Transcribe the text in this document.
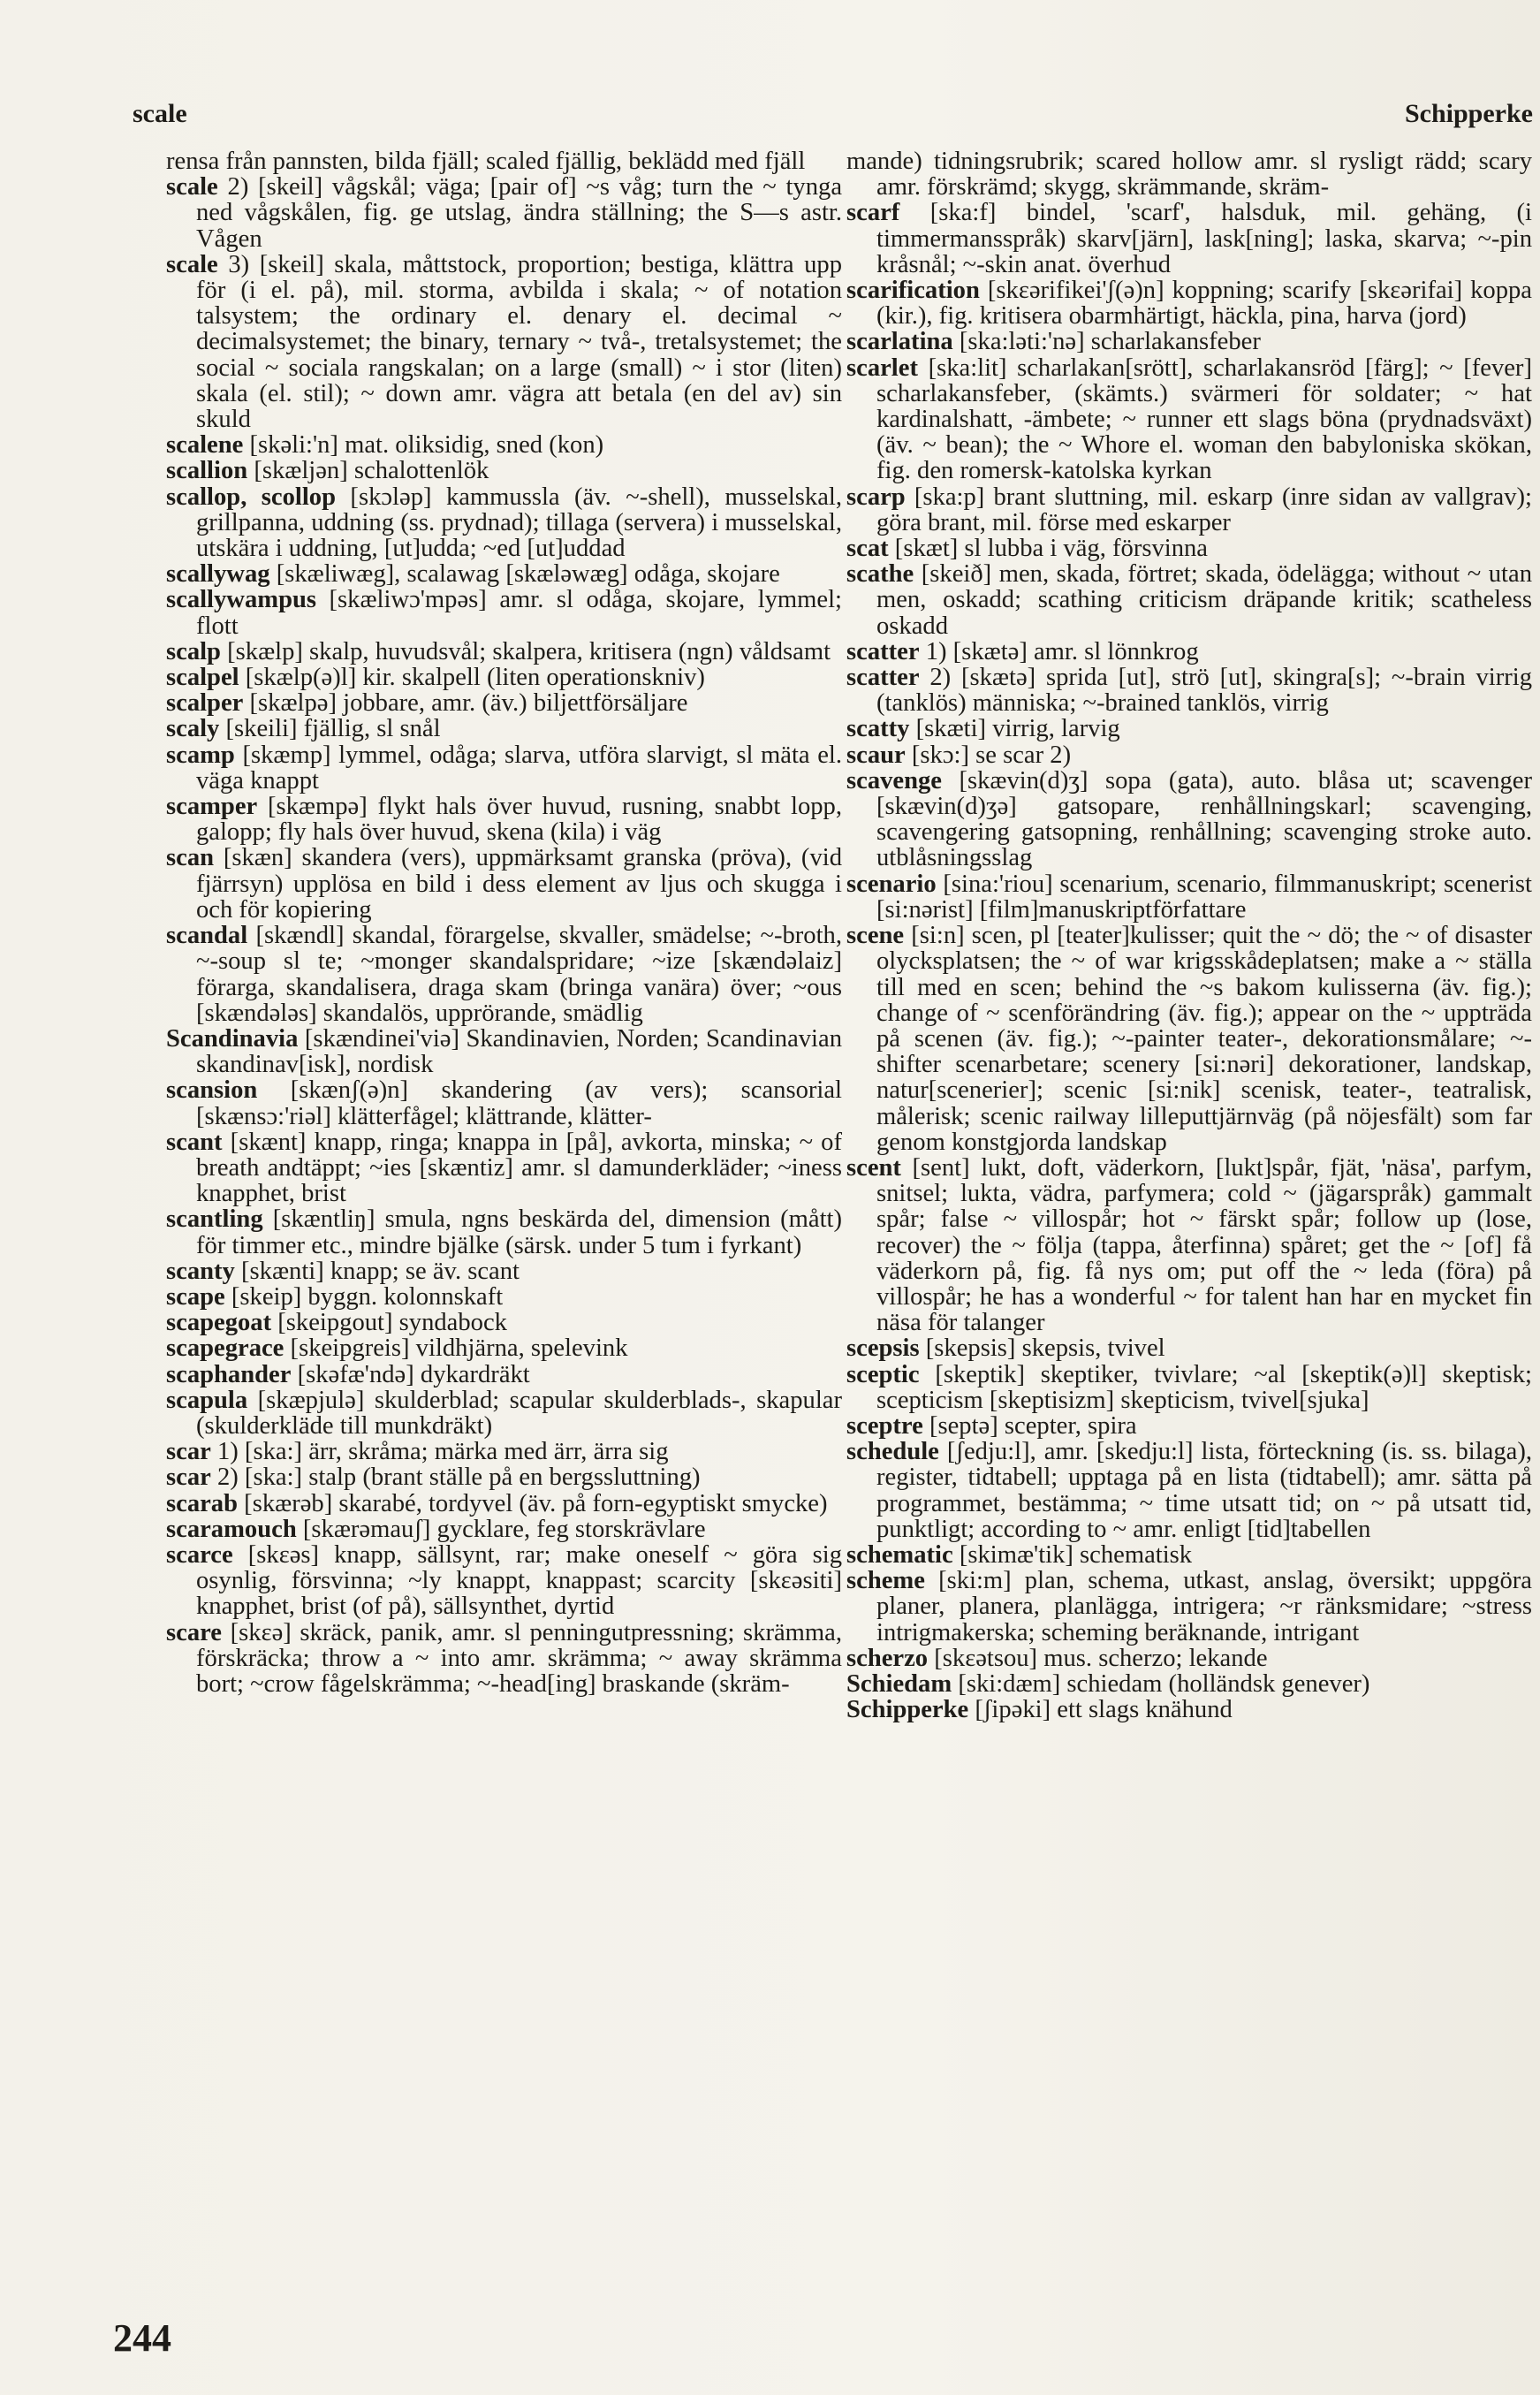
scale	Schipperke

rensa från pannsten, bilda fjäll; scaled fjällig, beklädd med fjäll

scale 2) [skeil] vågskål; väga; [pair of] ~s våg; turn the ~ tynga ned vågskålen, fig. ge utslag, ändra ställning; the S—s astr. Vågen

scale 3) [skeil] skala, måttstock, proportion; bestiga, klättra upp för (i el. på), mil. storma, avbilda i skala; ~ of notation talsystem; the ordinary el. denary el. decimal ~ decimalsystemet; the binary, ternary ~ två-, tretalsystemet; the social ~ sociala rangskalan; on a large (small) ~ i stor (liten) skala (el. stil); ~ down amr. vägra att betala (en del av) sin skuld

scalene [skəli:'n] mat. oliksidig, sned (kon)

scallion [skæljən] schalottenlök

scallop, scollop [skɔləp] kammussla (äv. ~-shell), musselskal, grillpanna, uddning (ss. prydnad); tillaga (servera) i musselskal, utskära i uddning, [ut]udda; ~ed [ut]uddad

scallywag [skæliwæg], scalawag [skæləwæg] odåga, skojare

scallywampus [skæliwɔ'mpəs] amr. sl odåga, skojare, lymmel; flott

scalp [skælp] skalp, huvudsvål; skalpera, kritisera (ngn) våldsamt

scalpel [skælp(ə)l] kir. skalpell (liten operationskniv)

scalper [skælpə] jobbare, amr. (äv.) biljettförsäljare

scaly [skeili] fjällig, sl snål

scamp [skæmp] lymmel, odåga; slarva, utföra slarvigt, sl mäta el. väga knappt

scamper [skæmpə] flykt hals över huvud, rusning, snabbt lopp, galopp; fly hals över huvud, skena (kila) i väg

scan [skæn] skandera (vers), uppmärksamt granska (pröva), (vid fjärrsyn) upplösa en bild i dess element av ljus och skugga i och för kopiering

scandal [skændl] skandal, förargelse, skvaller, smädelse; ~-broth, ~-soup sl te; ~monger skandalspridare; ~ize [skændəlaiz] förarga, skandalisera, draga skam (bringa vanära) över; ~ous [skændələs] skandalös, upprörande, smädlig

Scandinavia [skændinei'viə] Skandinavien, Norden; Scandinavian skandinav[isk], nordisk

scansion [skænʃ(ə)n] skandering (av vers); scansorial [skænsɔ:'riəl] klätterfågel; klättrande, klätter-

scant [skænt] knapp, ringa; knappa in [på], avkorta, minska; ~ of breath andtäppt; ~ies [skæntiz] amr. sl damunderkläder; ~iness knapphet, brist

scantling [skæntliŋ] smula, ngns beskärda del, dimension (mått) för timmer etc., mindre bjälke (särsk. under 5 tum i fyrkant)

scanty [skænti] knapp; se äv. scant

scape [skeip] byggn. kolonnskaft

scapegoat [skeipgout] syndabock

scapegrace [skeipgreis] vildhjärna, spelevink

scaphander [skəfæ'ndə] dykardräkt

scapula [skæpjulə] skulderblad; scapular skulderblads-, skapular (skulderkläde till munkdräkt)

scar 1) [ska:] ärr, skråma; märka med ärr, ärra sig

scar 2) [ska:] stalp (brant ställe på en bergssluttning)

scarab [skærəb] skarabé, tordyvel (äv. på forn-egyptiskt smycke)

scaramouch [skærəmauʃ] gycklare, feg storskrävlare

scarce [skɛəs] knapp, sällsynt, rar; make oneself ~ göra sig osynlig, försvinna; ~ly knappt, knappast; scarcity [skɛəsiti] knapphet, brist (of på), sällsynthet, dyrtid

scare [skɛə] skräck, panik, amr. sl penningutpressning; skrämma, förskräcka; throw a ~ into amr. skrämma; ~ away skrämma bort; ~crow fågelskrämma; ~-head[ing] braskande (skräm-

mande) tidningsrubrik; scared hollow amr. sl rysligt rädd; scary amr. förskrämd; skygg, skrämmande, skräm-

scarf [ska:f] bindel, 'scarf', halsduk, mil. gehäng, (i timmermansspråk) skarv[järn], lask[ning]; laska, skarva; ~-pin kråsnål; ~-skin anat. överhud

scarification [skɛərifikei'ʃ(ə)n] koppning; scarify [skɛərifai] koppa (kir.), fig. kritisera obarmhärtigt, häckla, pina, harva (jord)

scarlatina [ska:ləti:'nə] scharlakansfeber

scarlet [ska:lit] scharlakan[srött], scharlakansröd [färg]; ~ [fever] scharlakansfeber, (skämts.) svärmeri för soldater; ~ hat kardinalshatt, -ämbete; ~ runner ett slags böna (prydnadsväxt) (äv. ~ bean); the ~ Whore el. woman den babyloniska skökan, fig. den romersk-katolska kyrkan

scarp [ska:p] brant sluttning, mil. eskarp (inre sidan av vallgrav); göra brant, mil. förse med eskarper

scat [skæt] sl lubba i väg, försvinna

scathe [skeið] men, skada, förtret; skada, ödelägga; without ~ utan men, oskadd; scathing criticism dräpande kritik; scatheless oskadd

scatter 1) [skætə] amr. sl lönnkrog

scatter 2) [skætə] sprida [ut], strö [ut], skingra[s]; ~-brain virrig (tanklös) människa; ~-brained tanklös, virrig

scatty [skæti] virrig, larvig

scaur [skɔ:] se scar 2)

scavenge [skævin(d)ʒ] sopa (gata), auto. blåsa ut; scavenger [skævin(d)ʒə] gatsopare, renhållningskarl; scavenging, scavengering gatsopning, renhållning; scavenging stroke auto. utblåsningsslag

scenario [sina:'riou] scenarium, scenario, filmmanuskript; scenerist [si:nərist] [film]manuskriptförfattare

scene [si:n] scen, pl [teater]kulisser; quit the ~ dö; the ~ of disaster olycksplatsen; the ~ of war krigsskådeplatsen; make a ~ ställa till med en scen; behind the ~s bakom kulisserna (äv. fig.); change of ~ scenförändring (äv. fig.); appear on the ~ uppträda på scenen (äv. fig.); ~-painter teater-, dekorationsmålare; ~-shifter scenarbetare; scenery [si:nəri] dekorationer, landskap, natur[scenerier]; scenic [si:nik] scenisk, teater-, teatralisk, målerisk; scenic railway lilleputtjärnväg (på nöjesfält) som far genom konstgjorda landskap

scent [sent] lukt, doft, väderkorn, [lukt]spår, fjät, 'näsa', parfym, snitsel; lukta, vädra, parfymera; cold ~ (jägarspråk) gammalt spår; false ~ villospår; hot ~ färskt spår; follow up (lose, recover) the ~ följa (tappa, återfinna) spåret; get the ~ [of] få väderkorn på, fig. få nys om; put off the ~ leda (föra) på villospår; he has a wonderful ~ for talent han har en mycket fin näsa för talanger

scepsis [skepsis] skepsis, tvivel

sceptic [skeptik] skeptiker, tvivlare; ~al [skeptik(ə)l] skeptisk; scepticism [skeptisizm] skepticism, tvivel[sjuka]

sceptre [septə] scepter, spira

schedule [ʃedju:l], amr. [skedju:l] lista, förteckning (is. ss. bilaga), register, tidtabell; upptaga på en lista (tidtabell); amr. sätta på programmet, bestämma; ~ time utsatt tid; on ~ på utsatt tid, punktligt; according to ~ amr. enligt [tid]tabellen

schematic [skimæ'tik] schematisk

scheme [ski:m] plan, schema, utkast, anslag, översikt; uppgöra planer, planera, planlägga, intrigera; ~r ränksmidare; ~stress intrigmakerska; scheming beräknande, intrigant

scherzo [skɛətsou] mus. scherzo; lekande

Schiedam [ski:dæm] schiedam (holländsk genever)

Schipperke [ʃipəki] ett slags knähund

244
